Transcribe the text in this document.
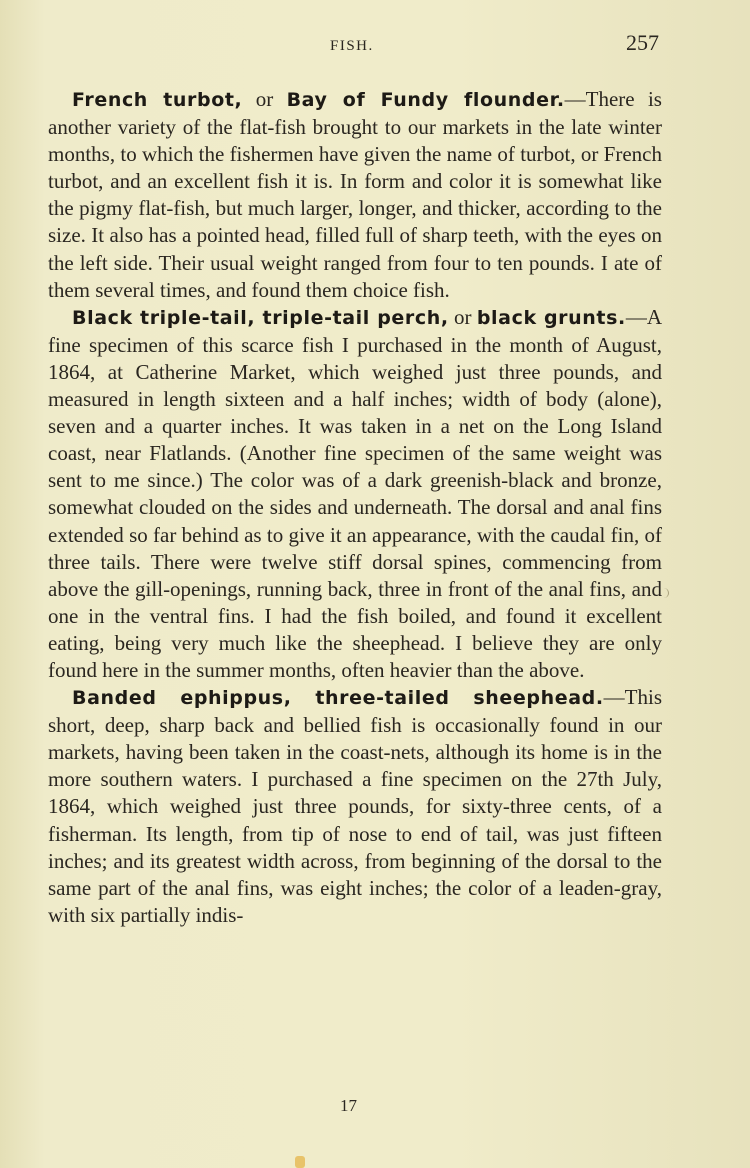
FISH.	257

French turbot, or Bay of Fundy flounder.—There is another variety of the flat-fish brought to our markets in the late winter months, to which the fishermen have given the name of turbot, or French turbot, and an excellent fish it is. In form and color it is somewhat like the pigmy flat-fish, but much larger, longer, and thicker, according to the size. It also has a pointed head, filled full of sharp teeth, with the eyes on the left side. Their usual weight ranged from four to ten pounds. I ate of them several times, and found them choice fish.

Black triple-tail, triple-tail perch, or black grunts.—A fine specimen of this scarce fish I purchased in the month of August, 1864, at Catherine Market, which weighed just three pounds, and measured in length sixteen and a half inches; width of body (alone), seven and a quarter inches. It was taken in a net on the Long Island coast, near Flatlands. (Another fine specimen of the same weight was sent to me since.) The color was of a dark greenish-black and bronze, somewhat clouded on the sides and underneath. The dorsal and anal fins extended so far behind as to give it an appearance, with the caudal fin, of three tails. There were twelve stiff dorsal spines, commencing from above the gill-openings, running back, three in front of the anal fins, and one in the ventral fins. I had the fish boiled, and found it excellent eating, being very much like the sheephead. I believe they are only found here in the summer months, often heavier than the above.

Banded ephippus, three-tailed sheephead.—This short, deep, sharp back and bellied fish is occasionally found in our markets, having been taken in the coast-nets, although its home is in the more southern waters. I purchased a fine specimen on the 27th July, 1864, which weighed just three pounds, for sixty-three cents, of a fisherman. Its length, from tip of nose to end of tail, was just fifteen inches; and its greatest width across, from beginning of the dorsal to the same part of the anal fins, was eight inches; the color of a leaden-gray, with six partially indis-

17
